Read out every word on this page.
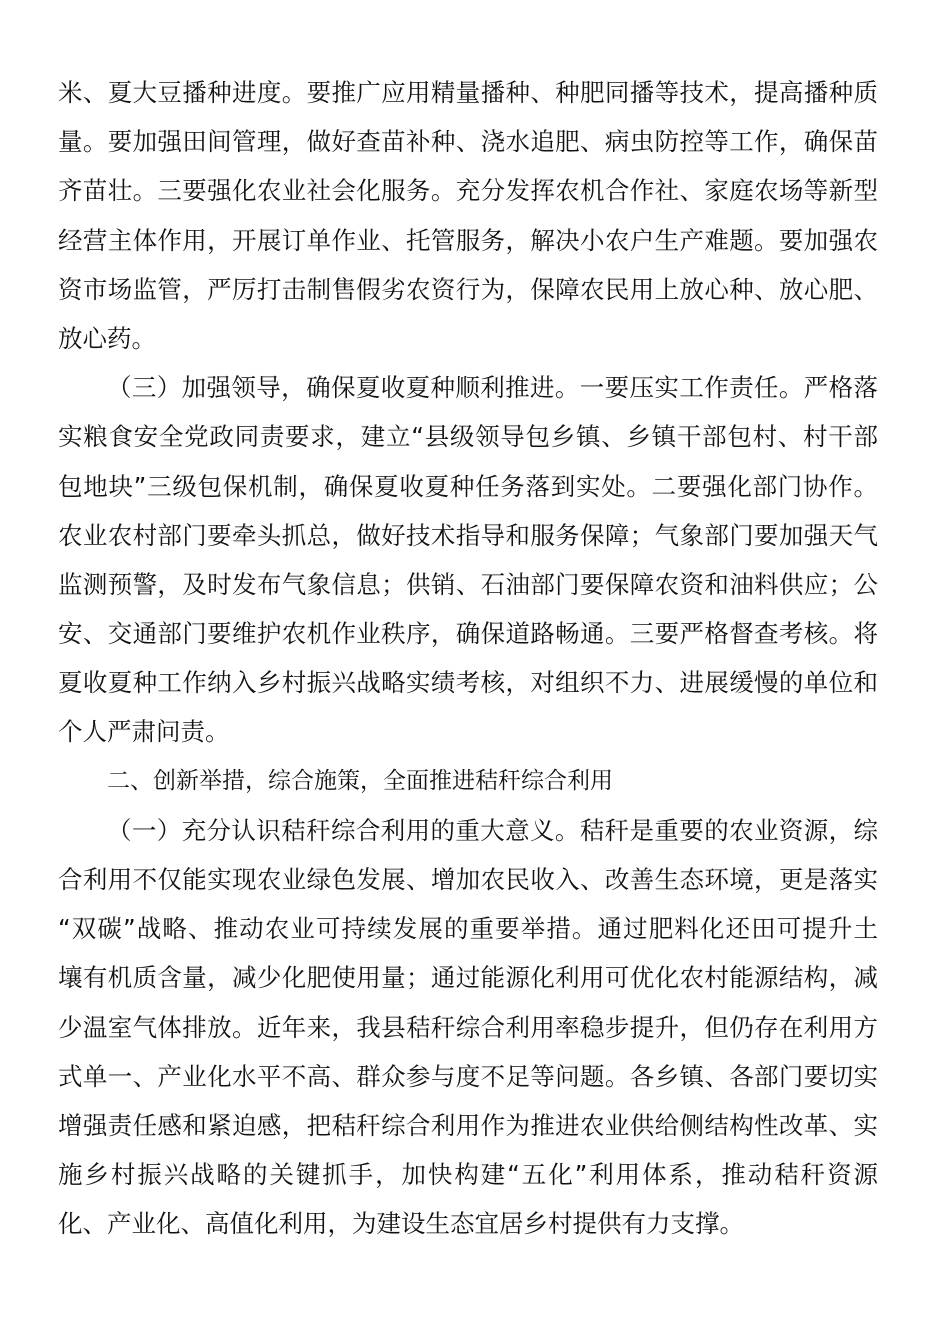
米、夏大豆播种进度。要推广应用精量播种、种肥同播等技术，提高播种质
量。要加强田间管理，做好查苗补种、浇水追肥、病虫防控等工作，确保苗
齐苗壮。三要强化农业社会化服务。充分发挥农机合作社、家庭农场等新型
经营主体作用，开展订单作业、托管服务，解决小农户生产难题。要加强农
资市场监管，严厉打击制售假劣农资行为，保障农民用上放心种、放心肥、
放心药。
（三）加强领导，确保夏收夏种顺利推进。一要压实工作责任。严格落
实粮食安全党政同责要求，建立“县级领导包乡镇、乡镇干部包村、村干部
包地块”三级包保机制，确保夏收夏种任务落到实处。二要强化部门协作。
农业农村部门要牵头抓总，做好技术指导和服务保障；气象部门要加强天气
监测预警，及时发布气象信息；供销、石油部门要保障农资和油料供应；公
安、交通部门要维护农机作业秩序，确保道路畅通。三要严格督查考核。将
夏收夏种工作纳入乡村振兴战略实绩考核，对组织不力、进展缓慢的单位和
个人严肃问责。
二、创新举措，综合施策，全面推进秸秆综合利用
（一）充分认识秸秆综合利用的重大意义。秸秆是重要的农业资源，综
合利用不仅能实现农业绿色发展、增加农民收入、改善生态环境，更是落实
“双碳”战略、推动农业可持续发展的重要举措。通过肥料化还田可提升土
壤有机质含量，减少化肥使用量；通过能源化利用可优化农村能源结构，减
少温室气体排放。近年来，我县秸秆综合利用率稳步提升，但仍存在利用方
式单一、产业化水平不高、群众参与度不足等问题。各乡镇、各部门要切实
增强责任感和紧迫感，把秸秆综合利用作为推进农业供给侧结构性改革、实
施乡村振兴战略的关键抓手，加快构建“五化”利用体系，推动秸秆资源
化、产业化、高值化利用，为建设生态宜居乡村提供有力支撑。
